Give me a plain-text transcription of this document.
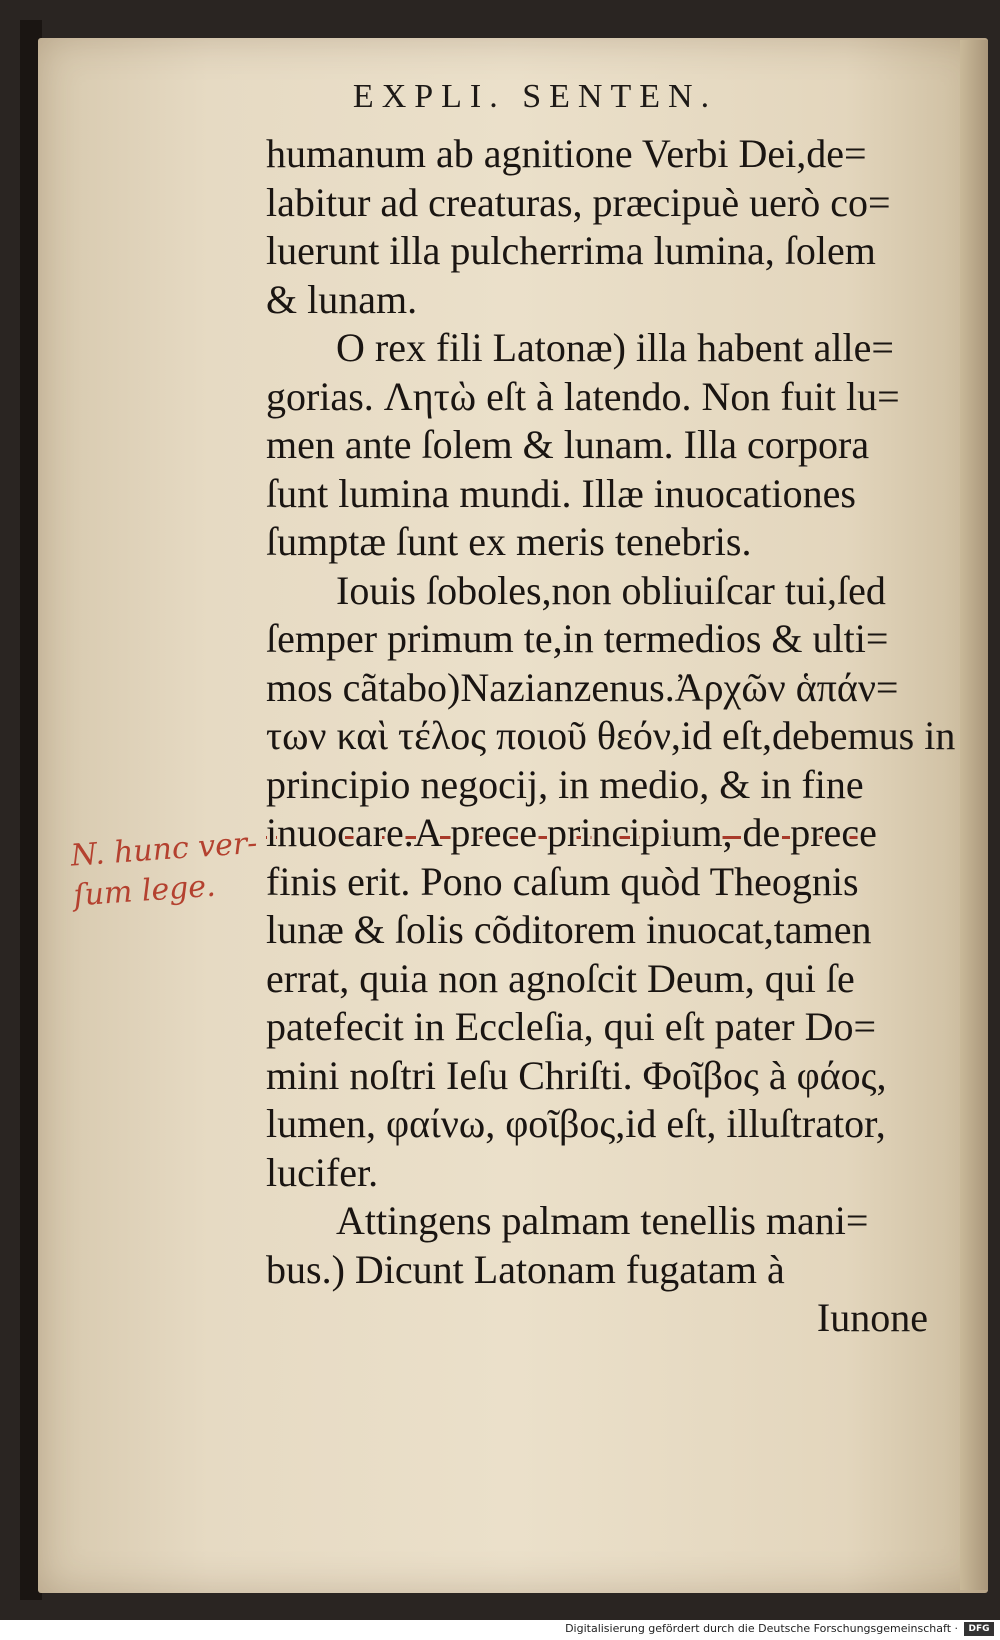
EXPLI. SENTEN.
humanum ab agnitione Verbi Dei,de=
labitur ad creaturas, præcipuè uerò co=
luerunt illa pulcherrima lumina, ſolem
& lunam.
O rex fili Latonæ) illa habent alle=
gorias. Λητὼ eſt à latendo. Non fuit lu=
men ante ſolem & lunam. Illa corpora
ſunt lumina mundi. Illæ inuocationes
ſumptæ ſunt ex meris tenebris.
Iouis ſoboles,non obliuiſcar tui,ſed
ſemper primum te,in termedios & ulti=
mos cãtabo)Nazianzenus.Ἀρχῶν ἁπάν=
των καὶ τέλος ποιοῦ θεόν,id eſt,debemus in
principio negocij, in medio, & in fine
inuocare.A prece principium, de prece
finis erit. Pono caſum quòd Theognis
lunæ & ſolis cõditorem inuocat,tamen
errat, quia non agnoſcit Deum, qui ſe
patefecit in Eccleſia, qui eſt pater Do=
mini noſtri Ieſu Chriſti. Φοῖβος à φάος,
lumen, φαίνω, φοῖβος,id eſt, illuſtrator,
lucifer.
Attingens palmam tenellis mani=
bus.) Dicunt Latonam fugatam à
Iunone
N. hunc ver- ſum lege.
Digitalisierung gefördert durch die Deutsche Forschungsgemeinschaft ·	DFG
